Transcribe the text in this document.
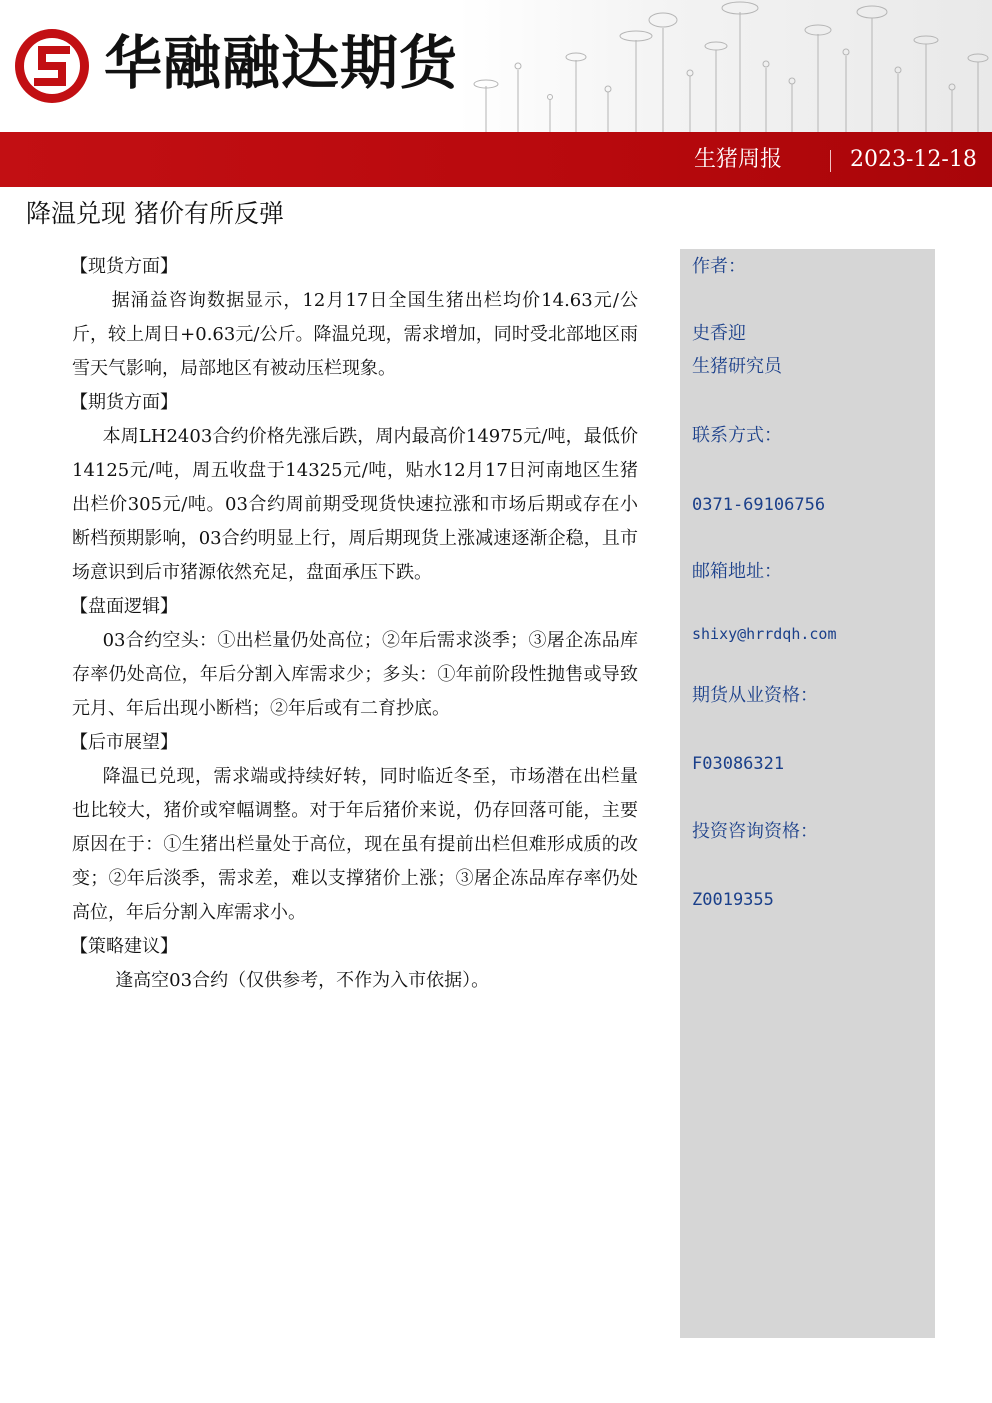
华融融达期货
生猪周报	2023-12-18
降温兑现 猪价有所反弹

【现货方面】

据涌益咨询数据显示，12月17日全国生猪出栏均价14.63元/公斤，较上周日+0.63元/公斤。降温兑现，需求增加，同时受北部地区雨雪天气影响，局部地区有被动压栏现象。

【期货方面】

本周LH2403合约价格先涨后跌，周内最高价14975元/吨，最低价14125元/吨，周五收盘于14325元/吨，贴水12月17日河南地区生猪出栏价305元/吨。03合约周前期受现货快速拉涨和市场后期或存在小断档预期影响，03合约明显上行，周后期现货上涨减速逐渐企稳，且市场意识到后市猪源依然充足，盘面承压下跌。

【盘面逻辑】

03合约空头：①出栏量仍处高位；②年后需求淡季；③屠企冻品库存率仍处高位，年后分割入库需求少；多头：①年前阶段性抛售或导致元月、年后出现小断档；②年后或有二育抄底。

【后市展望】

降温已兑现，需求端或持续好转，同时临近冬至，市场潜在出栏量也比较大，猪价或窄幅调整。对于年后猪价来说，仍存回落可能，主要原因在于：①生猪出栏量处于高位，现在虽有提前出栏但难形成质的改变；②年后淡季，需求差，难以支撑猪价上涨；③屠企冻品库存率仍处高位，年后分割入库需求小。

【策略建议】

逢高空03合约（仅供参考，不作为入市依据）。

作者：
史香迎
生猪研究员
联系方式：
0371-69106756
邮箱地址：
shixy@hrrdqh.com
期货从业资格：
F03086321
投资咨询资格：
Z0019355
